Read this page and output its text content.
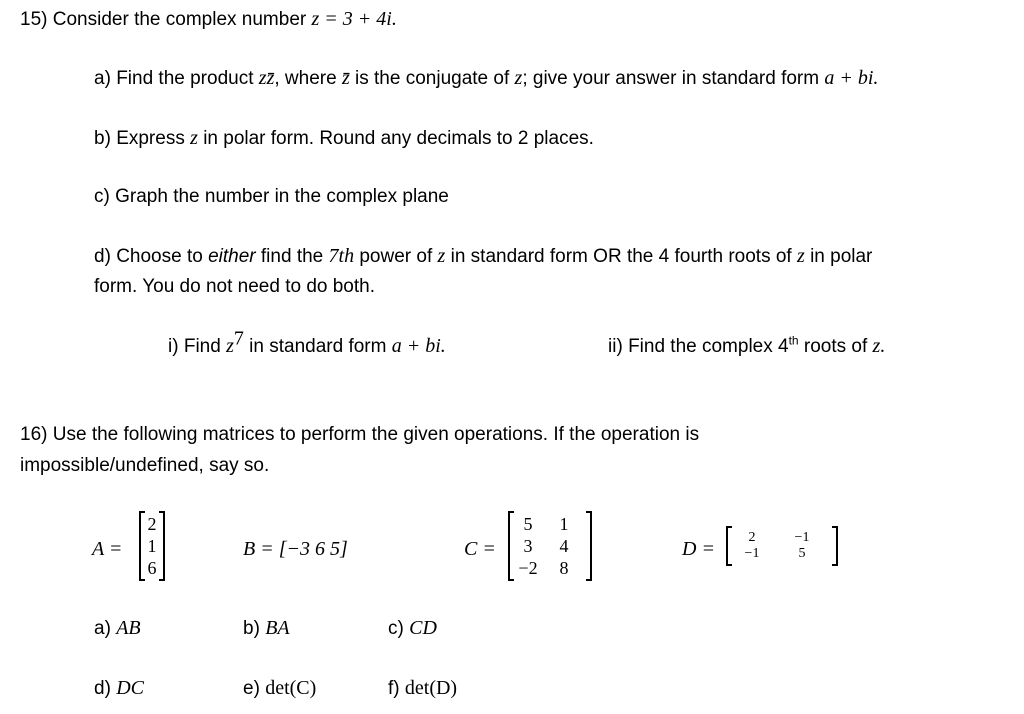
15) Consider the complex number z = 3 + 4i.
a) Find the product zz̄, where z̄ is the conjugate of z; give your answer in standard form a + bi.
b) Express z in polar form. Round any decimals to 2 places.
c) Graph the number in the complex plane
d) Choose to either find the 7th power of z in standard form OR the 4 fourth roots of z in polar
form. You do not need to do both.
i) Find $z^7$ in standard form a + bi.	ii) Find the complex 4th roots of z.
16) Use the following matrices to perform the given operations. If the operation is
impossible/undefined, say so.
A =
2
1
6
B = [−3 6 5]	C =
5	1
3	4
−2	8
D =
2	−1
−1	5
a) AB	b) BA	c) CD
d) DC	e) det(C)	f) det(D)
